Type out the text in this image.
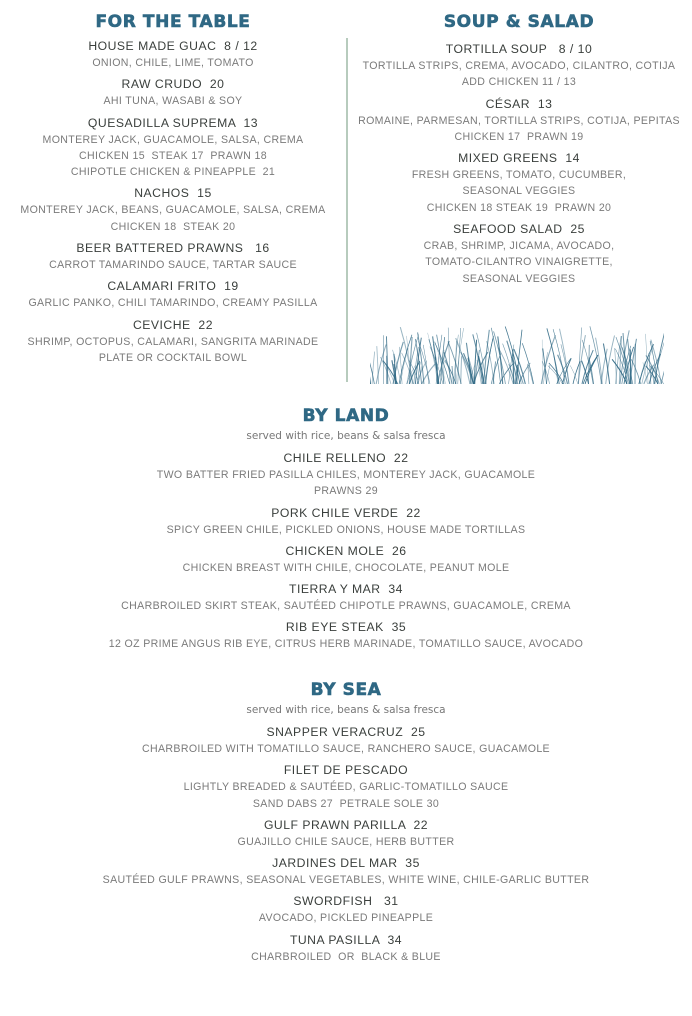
FOR THE TABLE
HOUSE MADE GUAC  8 / 12
ONION, CHILE, LIME, TOMATO
RAW CRUDO  20
AHI TUNA, WASABI & SOY
QUESADILLA SUPREMA  13
MONTEREY JACK, GUACAMOLE, SALSA, CREMA
CHICKEN 15  STEAK 17  PRAWN 18
CHIPOTLE CHICKEN & PINEAPPLE  21
NACHOS  15
MONTEREY JACK, BEANS, GUACAMOLE, SALSA, CREMA
CHICKEN 18  STEAK 20
BEER BATTERED PRAWNS   16
CARROT TAMARINDO SAUCE, TARTAR SAUCE
CALAMARI FRITO  19
GARLIC PANKO, CHILI TAMARINDO, CREAMY PASILLA
CEVICHE  22
SHRIMP, OCTOPUS, CALAMARI, SANGRITA MARINADE
PLATE OR COCKTAIL BOWL
SOUP & SALAD
TORTILLA SOUP   8 / 10
TORTILLA STRIPS, CREMA, AVOCADO, CILANTRO, COTIJA
ADD CHICKEN 11 / 13
CÉSAR  13
ROMAINE, PARMESAN, TORTILLA STRIPS, COTIJA, PEPITAS
CHICKEN 17  PRAWN 19
MIXED GREENS  14
FRESH GREENS, TOMATO, CUCUMBER,
SEASONAL VEGGIES
CHICKEN 18 STEAK 19  PRAWN 20
SEAFOOD SALAD  25
CRAB, SHRIMP, JICAMA, AVOCADO,
TOMATO-CILANTRO VINAIGRETTE,
SEASONAL VEGGIES
BY LAND
served with rice, beans & salsa fresca
CHILE RELLENO  22
TWO BATTER FRIED PASILLA CHILES, MONTEREY JACK, GUACAMOLE
PRAWNS 29
PORK CHILE VERDE  22
SPICY GREEN CHILE, PICKLED ONIONS, HOUSE MADE TORTILLAS
CHICKEN MOLE  26
CHICKEN BREAST WITH CHILE, CHOCOLATE, PEANUT MOLE
TIERRA Y MAR  34
CHARBROILED SKIRT STEAK, SAUTÉED CHIPOTLE PRAWNS, GUACAMOLE, CREMA
RIB EYE STEAK  35
12 OZ PRIME ANGUS RIB EYE, CITRUS HERB MARINADE, TOMATILLO SAUCE, AVOCADO
BY SEA
served with rice, beans & salsa fresca
SNAPPER VERACRUZ  25
CHARBROILED WITH TOMATILLO SAUCE, RANCHERO SAUCE, GUACAMOLE
FILET DE PESCADO
LIGHTLY BREADED & SAUTÉED, GARLIC-TOMATILLO SAUCE
SAND DABS 27  PETRALE SOLE 30
GULF PRAWN PARILLA  22
GUAJILLO CHILE SAUCE, HERB BUTTER
JARDINES DEL MAR  35
SAUTÉED GULF PRAWNS, SEASONAL VEGETABLES, WHITE WINE, CHILE-GARLIC BUTTER
SWORDFISH   31
AVOCADO, PICKLED PINEAPPLE
TUNA PASILLA  34
CHARBROILED  OR  BLACK & BLUE
